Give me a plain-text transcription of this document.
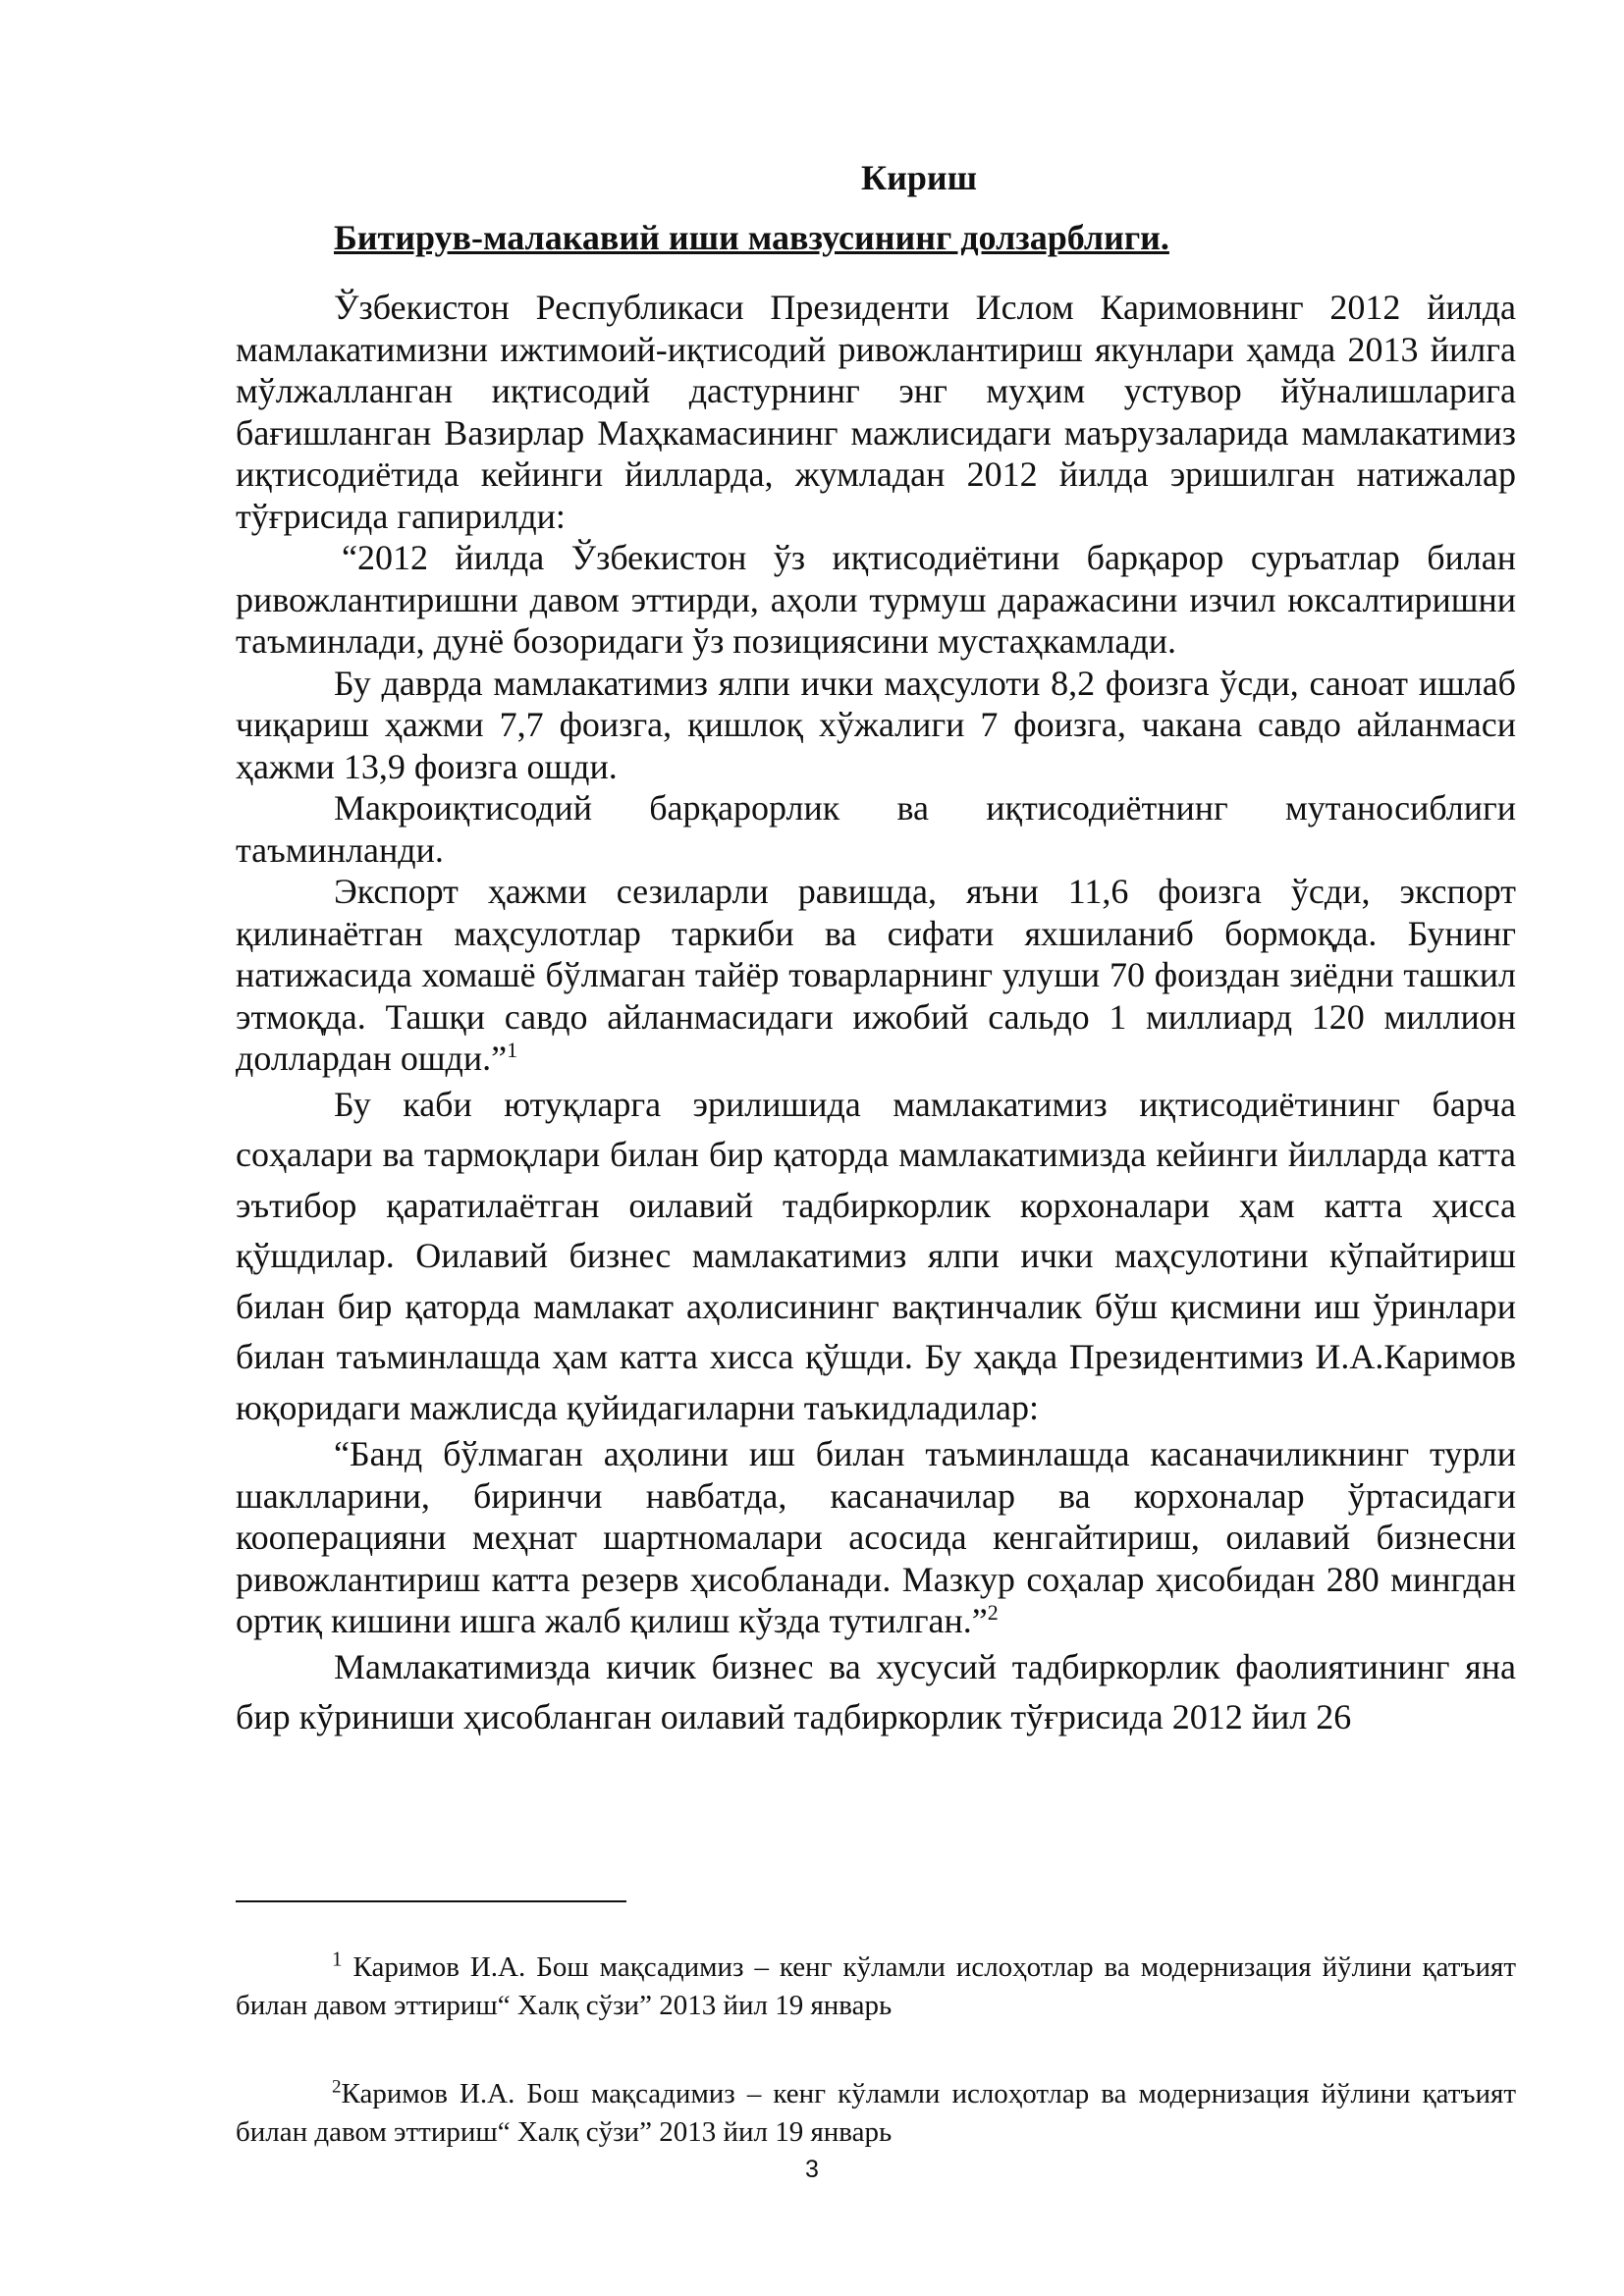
Кириш
Битирув-малакавий иши мавзусининг долзарблиги.

Ўзбекистон Республикаси Президенти Ислом Каримовнинг 2012 йилда мамлакатимизни ижтимоий-иқтисодий ривожлантириш якунлари ҳамда 2013 йилга мўлжалланган иқтисодий дастурнинг энг муҳим устувор йўналишларига бағишланган Вазирлар Маҳкамасининг мажлисидаги маърузаларида мамлакатимиз иқтисодиётида кейинги йилларда, жумладан 2012 йилда эришилган натижалар тўғрисида гапирилди:

“2012 йилда Ўзбекистон ўз иқтисодиётини барқарор суръатлар билан ривожлантиришни давом эттирди, аҳоли турмуш даражасини изчил юксалтиришни таъминлади, дунё бозоридаги ўз позициясини мустаҳкамлади.

Бу даврда мамлакатимиз ялпи ички маҳсулоти 8,2 фоизга ўсди, саноат ишлаб чиқариш ҳажми 7,7 фоизга, қишлоқ хўжалиги 7 фоизга, чакана савдо айланмаси ҳажми 13,9 фоизга ошди.

Макроиқтисодий барқарорлик ва иқтисодиётнинг мутаносиблиги таъминланди.

Экспорт ҳажми сезиларли равишда, яъни 11,6 фоизга ўсди, экспорт қилинаётган маҳсулотлар таркиби ва сифати яхшиланиб бормоқда. Бунинг натижасида хомашё бўлмаган тайёр товарларнинг улуши 70 фоиздан зиёдни ташкил этмоқда. Ташқи савдо айланмасидаги ижобий сальдо 1 миллиард 120 миллион доллардан ошди.”$^1$

Бу каби ютуқларга эрилишида мамлакатимиз иқтисодиётининг барча соҳалари ва тармоқлари билан бир қаторда мамлакатимизда кейинги йилларда катта эътибор қаратилаётган оилавий тадбиркорлик корхоналари ҳам катта ҳисса қўшдилар. Оилавий бизнес мамлакатимиз ялпи ички маҳсулотини кўпайтириш билан бир қаторда мамлакат аҳолисининг вақтинчалик бўш қисмини иш ўринлари билан таъминлашда ҳам катта хисса қўшди. Бу ҳақда Президентимиз И.А.Каримов юқоридаги мажлисда қуйидагиларни таъкидладилар:

“Банд бўлмаган аҳолини иш билан таъминлашда касаначиликнинг турли шаклларини, биринчи навбатда, касаначилар ва корхоналар ўртасидаги кооперацияни меҳнат шартномалари асосида кенгайтириш, оилавий бизнесни ривожлантириш катта резерв ҳисобланади. Мазкур соҳалар ҳисобидан 280 мингдан ортиқ кишини ишга жалб қилиш кўзда тутилган.”$^2$

Мамлакатимизда кичик бизнес ва хусусий тадбиркорлик фаолиятининг яна бир кўриниши ҳисобланган оилавий тадбиркорлик тўғрисида 2012 йил 26

$^1$ Каримов И.А. Бош мақсадимиз – кенг кўламли ислоҳотлар ва модернизация йўлини қатъият билан давом эттириш“ Халқ сўзи” 2013 йил 19 январь

$^2$Каримов И.А. Бош мақсадимиз – кенг кўламли ислоҳотлар ва модернизация йўлини қатъият билан давом эттириш“ Халқ сўзи” 2013 йил 19 январь

3
